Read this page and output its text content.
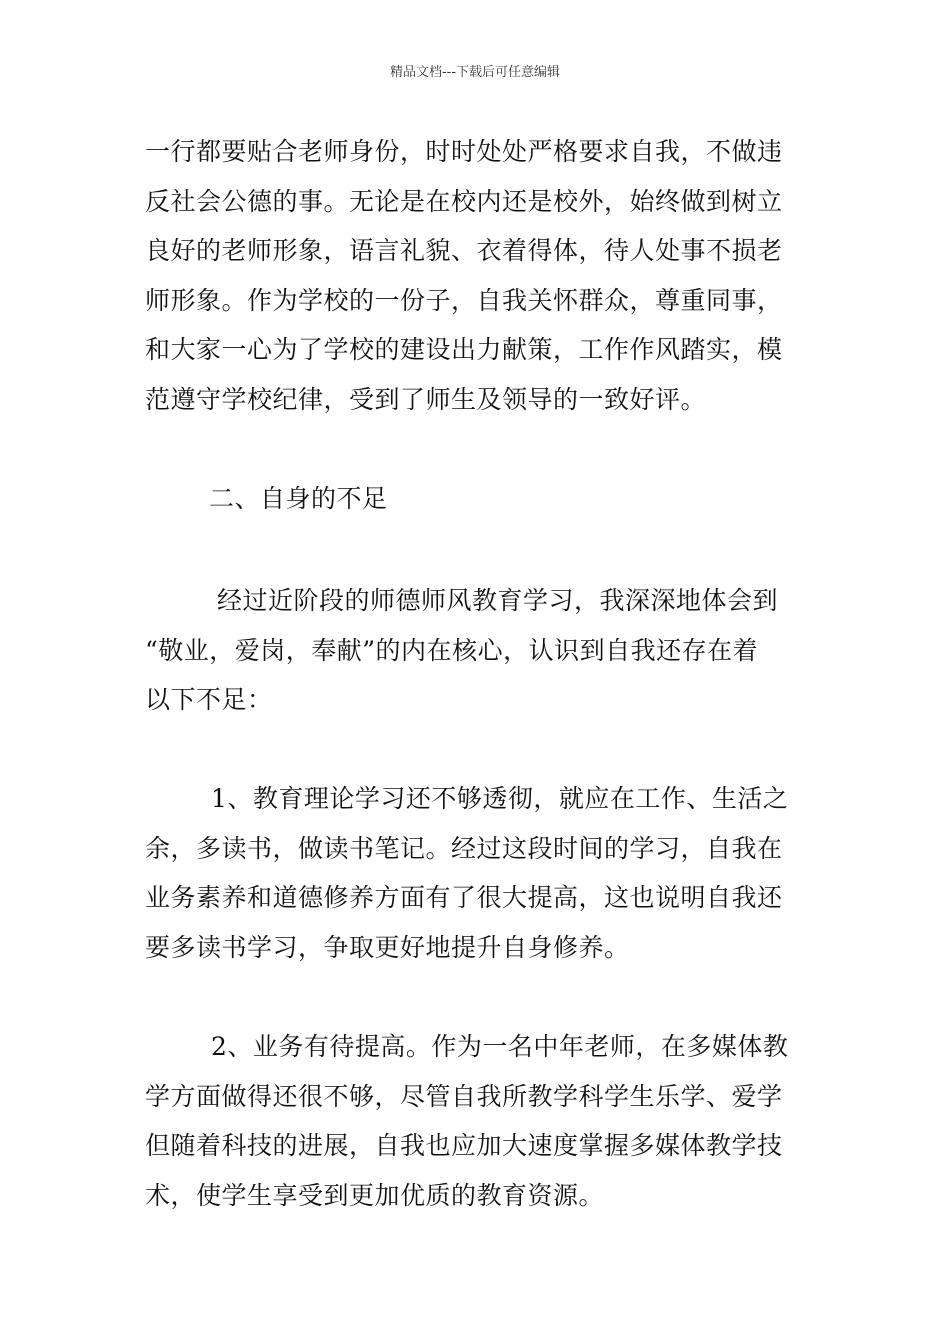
精品文档---下载后可任意编辑
一行都要贴合老师身份，时时处处严格要求自我，不做违
反社会公德的事。无论是在校内还是校外，始终做到树立
良好的老师形象，语言礼貌、衣着得体，待人处事不损老
师形象。作为学校的一份子，自我关怀群众，尊重同事，
和大家一心为了学校的建设出力献策，工作作风踏实，模
范遵守学校纪律，受到了师生及领导的一致好评。
二、自身的不足
经过近阶段的师德师风教育学习，我深深地体会到
“敬业，爱岗，奉献”的内在核心，认识到自我还存在着
以下不足：
1、教育理论学习还不够透彻，就应在工作、生活之
余，多读书，做读书笔记。经过这段时间的学习，自我在
业务素养和道德修养方面有了很大提高，这也说明自我还
要多读书学习，争取更好地提升自身修养。
2、业务有待提高。作为一名中年老师，在多媒体教
学方面做得还很不够，尽管自我所教学科学生乐学、爱学
但随着科技的进展，自我也应加大速度掌握多媒体教学技
术，使学生享受到更加优质的教育资源。
